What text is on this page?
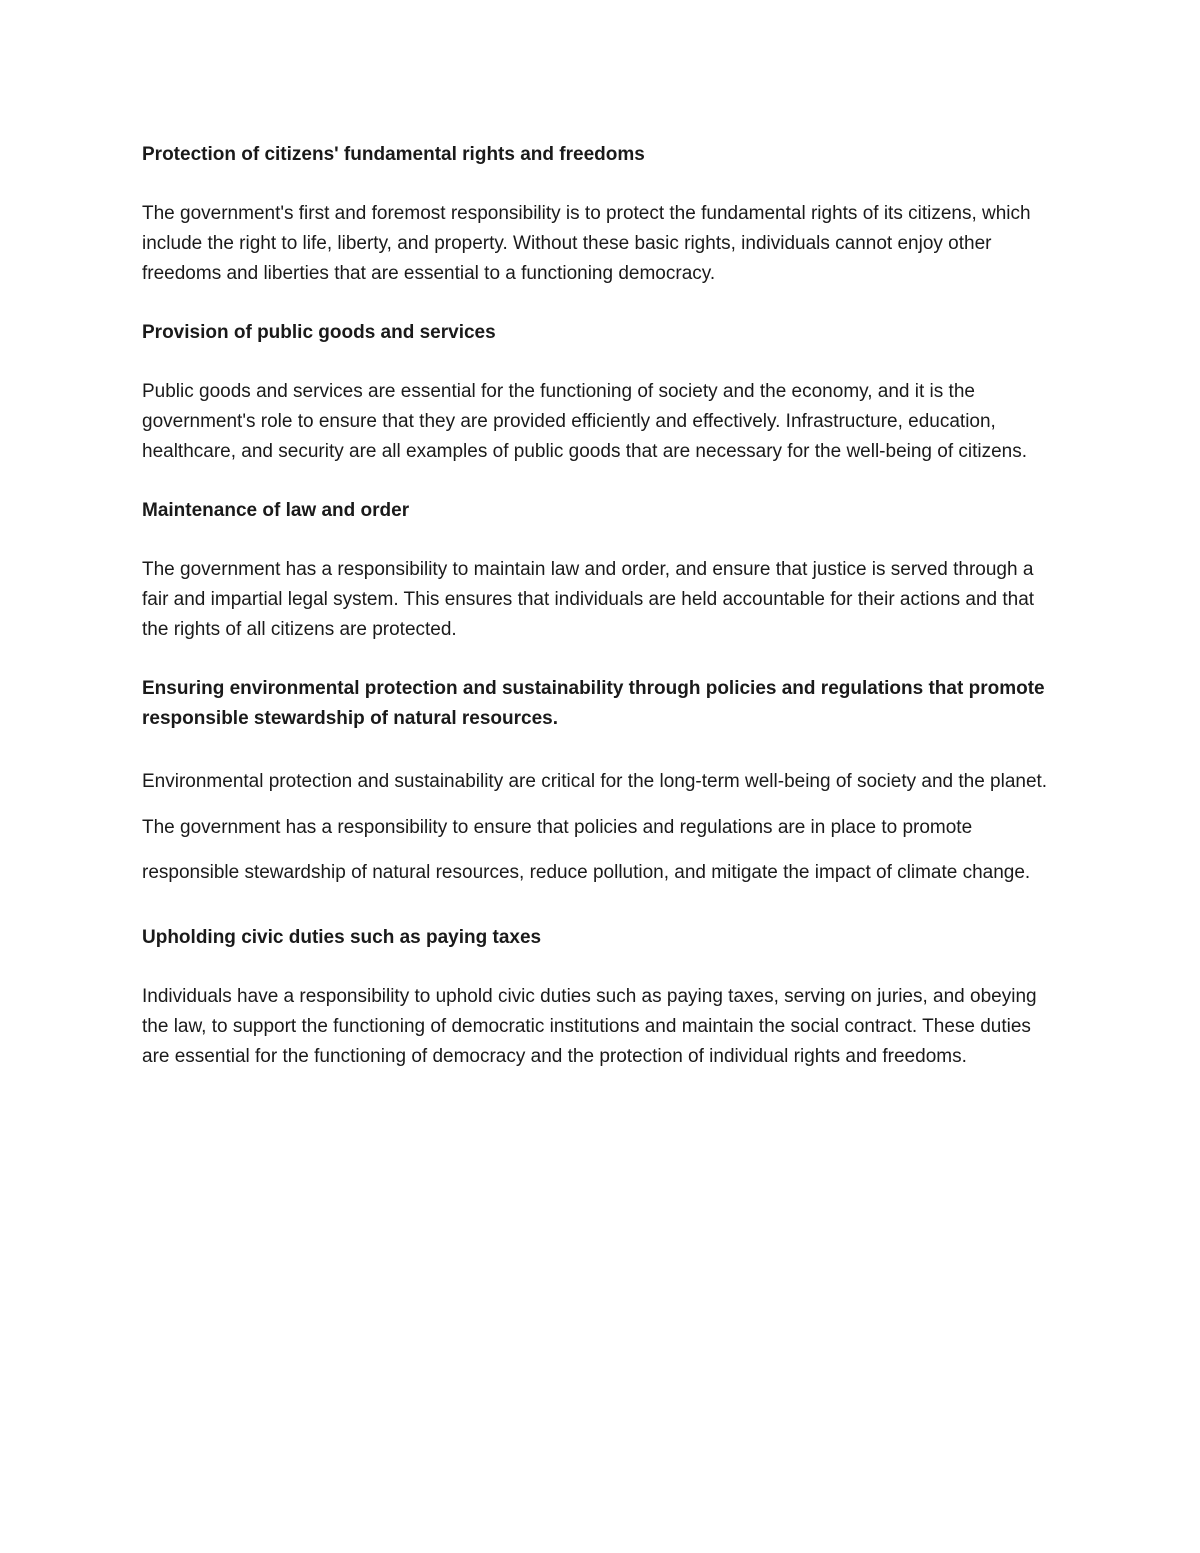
Protection of citizens' fundamental rights and freedoms
The government's first and foremost responsibility is to protect the fundamental rights of its citizens, which include the right to life, liberty, and property. Without these basic rights, individuals cannot enjoy other freedoms and liberties that are essential to a functioning democracy.
Provision of public goods and services
Public goods and services are essential for the functioning of society and the economy, and it is the government's role to ensure that they are provided efficiently and effectively. Infrastructure, education, healthcare, and security are all examples of public goods that are necessary for the well-being of citizens.
Maintenance of law and order
The government has a responsibility to maintain law and order, and ensure that justice is served through a fair and impartial legal system. This ensures that individuals are held accountable for their actions and that the rights of all citizens are protected.
Ensuring environmental protection and sustainability through policies and regulations that promote responsible stewardship of natural resources.
Environmental protection and sustainability are critical for the long-term well-being of society and the planet. The government has a responsibility to ensure that policies and regulations are in place to promote responsible stewardship of natural resources, reduce pollution, and mitigate the impact of climate change.
Upholding civic duties such as paying taxes
Individuals have a responsibility to uphold civic duties such as paying taxes, serving on juries, and obeying the law, to support the functioning of democratic institutions and maintain the social contract. These duties are essential for the functioning of democracy and the protection of individual rights and freedoms.
